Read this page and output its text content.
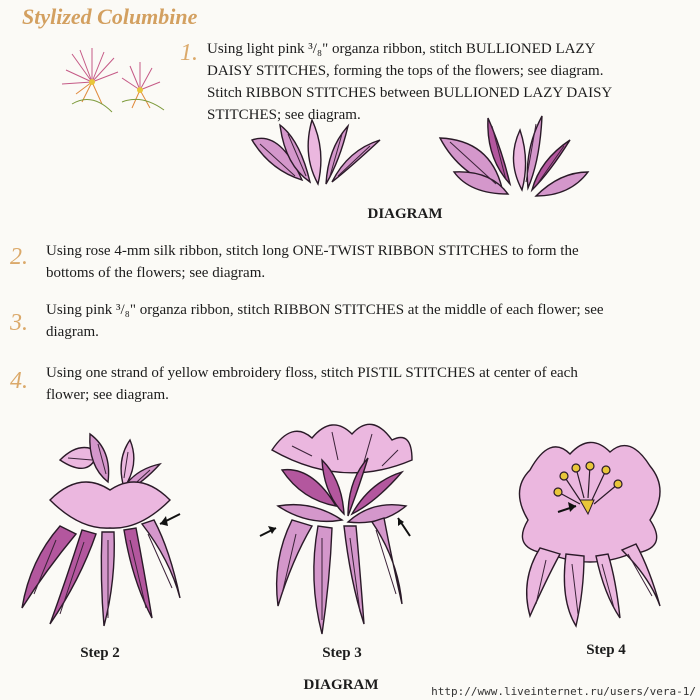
Stylized Columbine
1. Using light pink ³/₈" organza ribbon, stitch BULLIONED LAZY
DAISY STITCHES, forming the tops of the flowers; see diagram.
Stitch RIBBON STITCHES between BULLIONED LAZY DAISY
STITCHES; see diagram.
DIAGRAM
2. Using rose 4-mm silk ribbon, stitch long ONE-TWIST RIBBON STITCHES to form the
bottoms of the flowers; see diagram.
3. Using pink ³/₈" organza ribbon, stitch RIBBON STITCHES at the middle of each flower; see
diagram.
4. Using one strand of yellow embroidery floss, stitch PISTIL STITCHES at center of each
flower; see diagram.
Step 2	Step 3	Step 4
DIAGRAM	http://www.liveinternet.ru/users/vera-1/
